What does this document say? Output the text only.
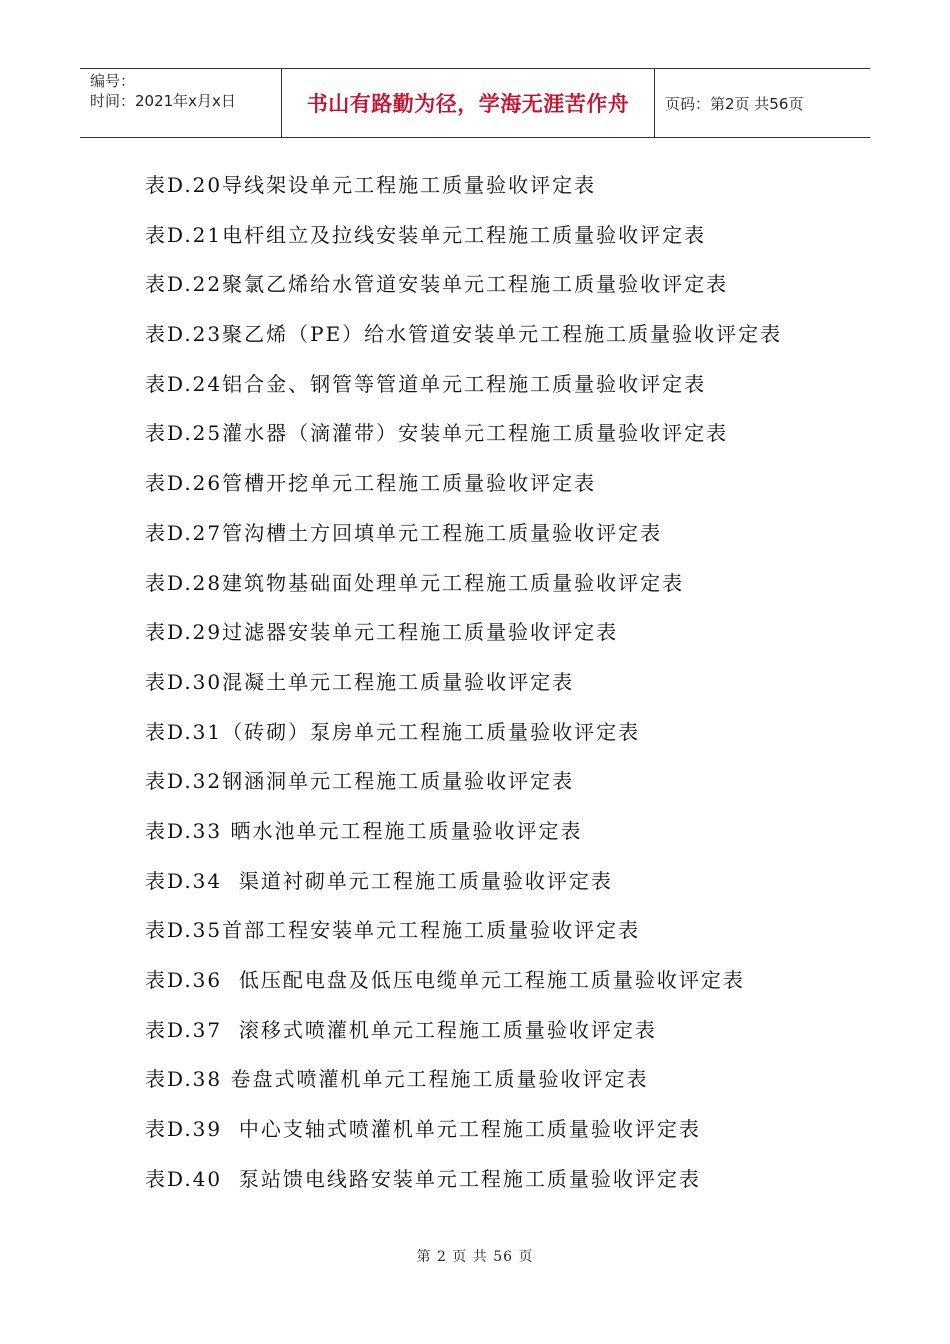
编号：
时间：2021年x月x日	书山有路勤为径，学海无涯苦作舟	页码：第2页 共56页
表D.20导线架设单元工程施工质量验收评定表
表D.21电杆组立及拉线安装单元工程施工质量验收评定表
表D.22聚氯乙烯给水管道安装单元工程施工质量验收评定表
表D.23聚乙烯（PE）给水管道安装单元工程施工质量验收评定表
表D.24铝合金、钢管等管道单元工程施工质量验收评定表
表D.25灌水器（滴灌带）安装单元工程施工质量验收评定表
表D.26管槽开挖单元工程施工质量验收评定表
表D.27管沟槽土方回填单元工程施工质量验收评定表
表D.28建筑物基础面处理单元工程施工质量验收评定表
表D.29过滤器安装单元工程施工质量验收评定表
表D.30混凝土单元工程施工质量验收评定表
表D.31（砖砌）泵房单元工程施工质量验收评定表
表D.32钢涵洞单元工程施工质量验收评定表
表D.33 晒水池单元工程施工质量验收评定表
表D.34  渠道衬砌单元工程施工质量验收评定表
表D.35首部工程安装单元工程施工质量验收评定表
表D.36  低压配电盘及低压电缆单元工程施工质量验收评定表
表D.37  滚移式喷灌机单元工程施工质量验收评定表
表D.38 卷盘式喷灌机单元工程施工质量验收评定表
表D.39  中心支轴式喷灌机单元工程施工质量验收评定表
表D.40  泵站馈电线路安装单元工程施工质量验收评定表
第 2 页 共 56 页
